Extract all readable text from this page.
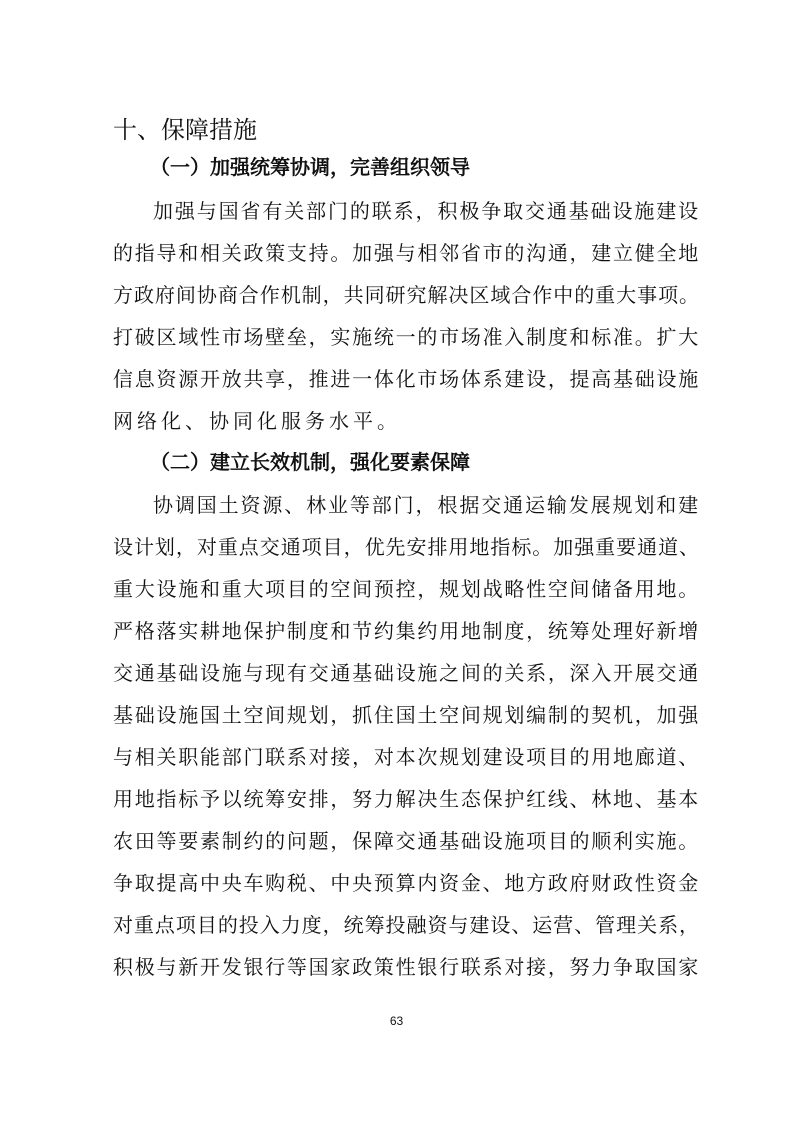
十、保障措施
（一）加强统筹协调，完善组织领导
加强与国省有关部门的联系，积极争取交通基础设施建设
的指导和相关政策支持。加强与相邻省市的沟通，建立健全地
方政府间协商合作机制，共同研究解决区域合作中的重大事项。
打破区域性市场壁垒，实施统一的市场准入制度和标准。扩大
信息资源开放共享，推进一体化市场体系建设，提高基础设施
网络化、协同化服务水平。
（二）建立长效机制，强化要素保障
协调国土资源、林业等部门，根据交通运输发展规划和建
设计划，对重点交通项目，优先安排用地指标。加强重要通道、
重大设施和重大项目的空间预控，规划战略性空间储备用地。
严格落实耕地保护制度和节约集约用地制度，统筹处理好新增
交通基础设施与现有交通基础设施之间的关系，深入开展交通
基础设施国土空间规划，抓住国土空间规划编制的契机，加强
与相关职能部门联系对接，对本次规划建设项目的用地廊道、
用地指标予以统筹安排，努力解决生态保护红线、林地、基本
农田等要素制约的问题，保障交通基础设施项目的顺利实施。
争取提高中央车购税、中央预算内资金、地方政府财政性资金
对重点项目的投入力度，统筹投融资与建设、运营、管理关系，
积极与新开发银行等国家政策性银行联系对接，努力争取国家
63
